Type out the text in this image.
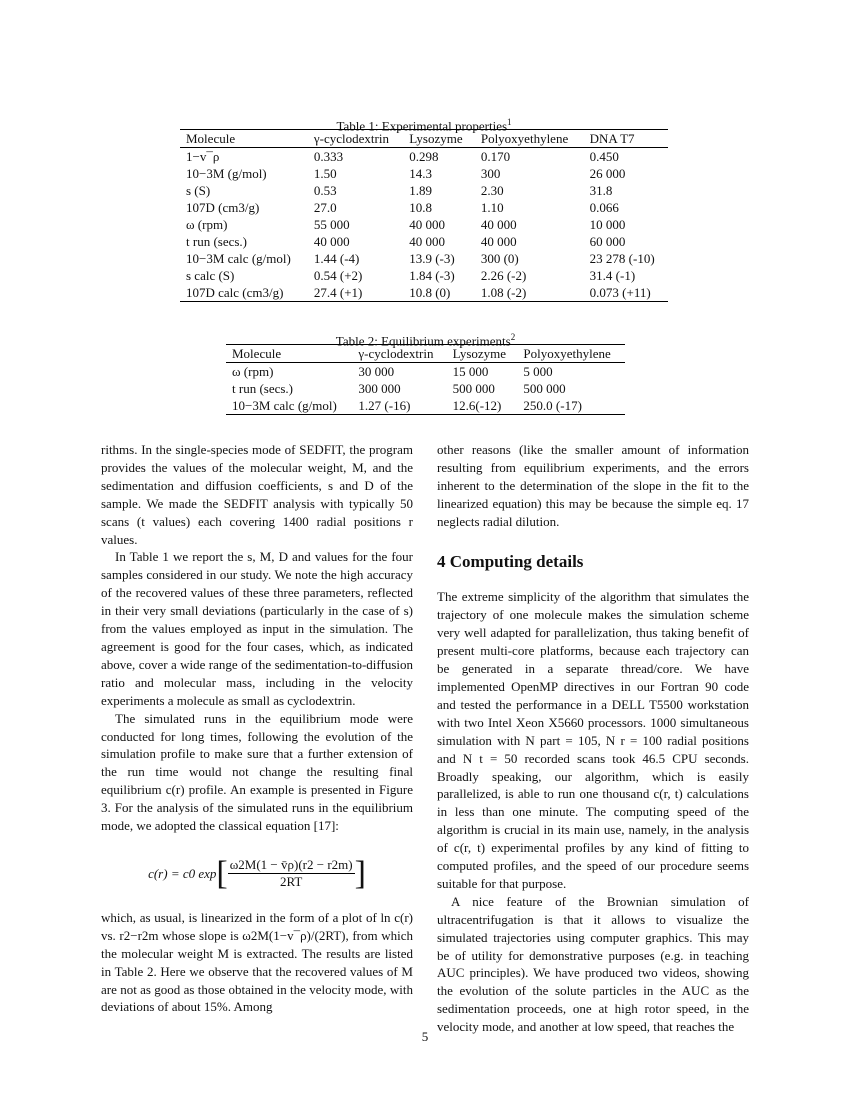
Table 1: Experimental properties$^1$
Molecule	γ-cyclodextrin	Lysozyme	Polyoxyethylene	DNA T7
1−v¯ρ	0.333	0.298	0.170	0.450
10−3M (g/mol)	1.50	14.3	300	26 000
s (S)	0.53	1.89	2.30	31.8
107D (cm3/g)	27.0	10.8	1.10	0.066
ω (rpm)	55 000	40 000	40 000	10 000
t run (secs.)	40 000	40 000	40 000	60 000
10−3M calc (g/mol)	1.44 (-4)	13.9 (-3)	300 (0)	23 278 (-10)
s calc (S)	0.54 (+2)	1.84 (-3)	2.26 (-2)	31.4 (-1)
107D calc (cm3/g)	27.4 (+1)	10.8 (0)	1.08 (-2)	0.073 (+11)
Table 2: Equilibrium experiments$^2$
Molecule	γ-cyclodextrin	Lysozyme	Polyoxyethylene
ω (rpm)	30 000	15 000	5 000
t run (secs.)	300 000	500 000	500 000
10−3M calc (g/mol)	1.27 (-16)	12.6(-12)	250.0 (-17)

rithms. In the single-species mode of SEDFIT, the program provides the values of the molecular weight, M, and the sedimentation and diffusion coefficients, s and D of the sample. We made the SEDFIT analysis with typically 50 scans (t values) each covering 1400 radial positions r values.

In Table 1 we report the s, M, D and values for the four samples considered in our study. We note the high accuracy of the recovered values of these three parameters, reflected in their very small deviations (particularly in the case of s) from the values employed as input in the simulation. The agreement is good for the four cases, which, as indicated above, cover a wide range of the sedimentation-to-diffusion ratio and molecular mass, including in the velocity experiments a molecule as small as cyclodextrin.

The simulated runs in the equilibrium mode were conducted for long times, following the evolution of the simulation profile to make sure that a further extension of the run time would not change the resulting final equilibrium c(r) profile. An example is presented in Figure 3. For the analysis of the simulated runs in the equilibrium mode, we adopted the classical equation [17]:

c(r) = c0 exp [ $\frac{\omega 2M(1 - v̄\rho)(r2 - r2m)}{2RT}$ ]

which, as usual, is linearized in the form of a plot of ln c(r) vs. r2−r2m whose slope is ω2M(1−v¯ρ)/(2RT), from which the molecular weight M is extracted. The results are listed in Table 2. Here we observe that the recovered values of M are not as good as those obtained in the velocity mode, with deviations of about 15%. Among

other reasons (like the smaller amount of information resulting from equilibrium experiments, and the errors inherent to the determination of the slope in the fit to the linearized equation) this may be because the simple eq. 17 neglects radial dilution.

4 Computing details

The extreme simplicity of the algorithm that simulates the trajectory of one molecule makes the simulation scheme very well adapted for parallelization, thus taking benefit of present multi-core platforms, because each trajectory can be generated in a separate thread/core. We have implemented OpenMP directives in our Fortran 90 code and tested the performance in a DELL T5500 workstation with two Intel Xeon X5660 processors. 1000 simultaneous simulation with N part = 105, N r = 100 radial positions and N t = 50 recorded scans took 46.5 CPU seconds. Broadly speaking, our algorithm, which is easily parallelized, is able to run one thousand c(r, t) calculations in less than one minute. The computing speed of the algorithm is crucial in its main use, namely, in the analysis of c(r, t) experimental profiles by any kind of fitting to computed profiles, and the speed of our procedure seems suitable for that purpose.

A nice feature of the Brownian simulation of ultracentrifugation is that it allows to visualize the simulated trajectories using computer graphics. This may be of utility for demonstrative purposes (e.g. in teaching AUC principles). We have produced two videos, showing the evolution of the solute particles in the AUC as the sedimentation proceeds, one at high rotor speed, in the velocity mode, and another at low speed, that reaches the

5
